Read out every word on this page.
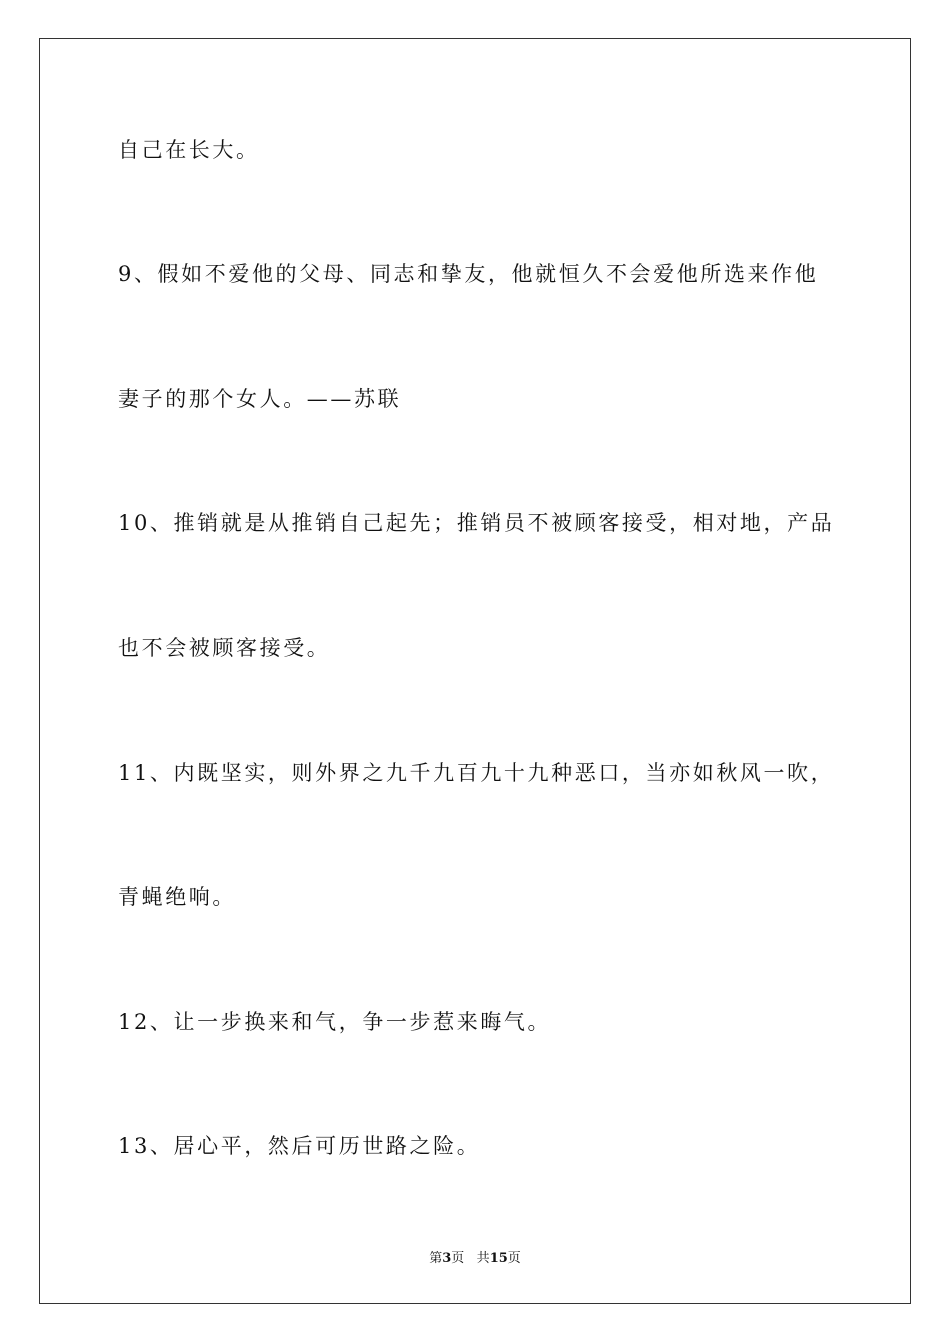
自己在长大。
9、假如不爱他的父母、同志和挚友，他就恒久不会爱他所选来作他
妻子的那个女人。——苏联
10、推销就是从推销自己起先；推销员不被顾客接受，相对地，产品
也不会被顾客接受。
11、内既坚实，则外界之九千九百九十九种恶口，当亦如秋风一吹，
青蝇绝响。
12、让一步换来和气，争一步惹来晦气。
13、居心平，然后可历世路之险。
第3页 共15页
